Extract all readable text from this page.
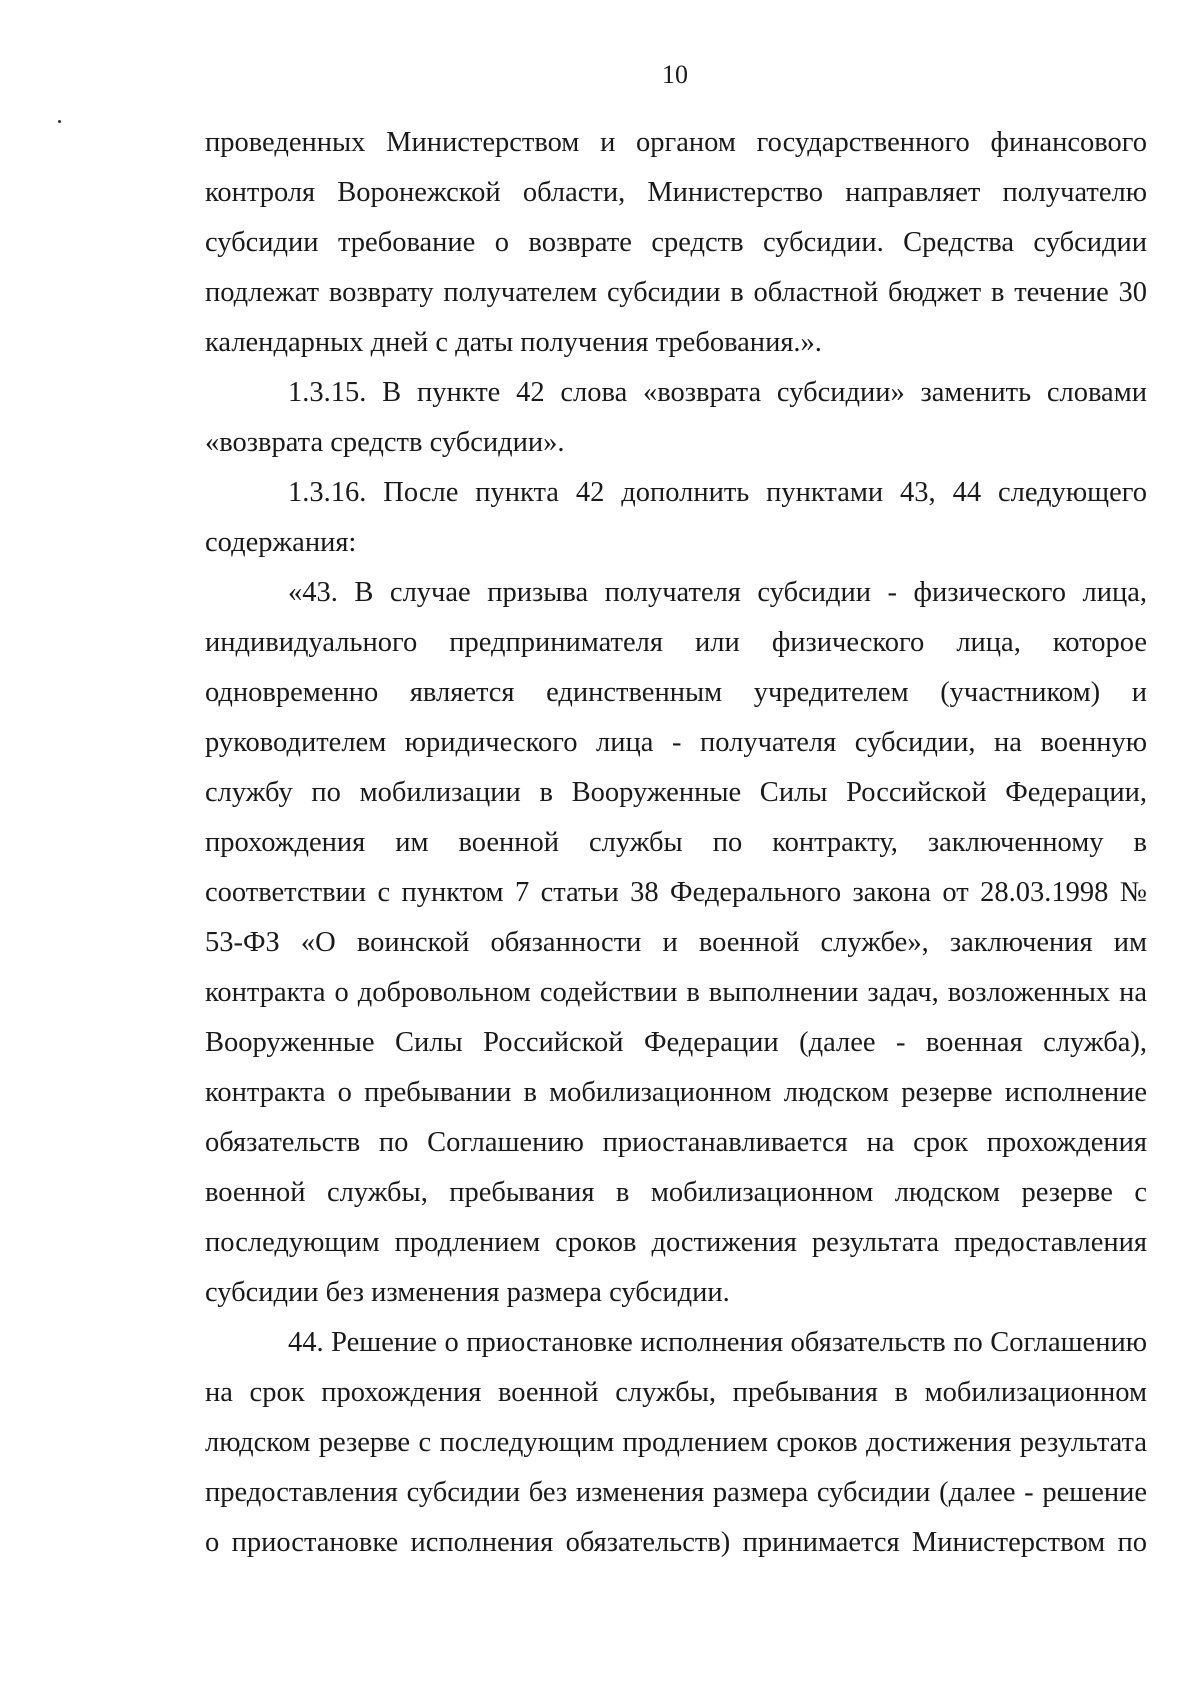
10

проведенных Министерством и органом государственного финансового контроля Воронежской области, Министерство направляет получателю субсидии требование о возврате средств субсидии. Средства субсидии подлежат возврату получателем субсидии в областной бюджет в течение 30 календарных дней с даты получения требования.».

1.3.15. В пункте 42 слова «возврата субсидии» заменить словами «возврата средств субсидии».

1.3.16. После пункта 42 дополнить пунктами 43, 44 следующего содержания:

«43. В случае призыва получателя субсидии - физического лица, индивидуального предпринимателя или физического лица, которое одновременно является единственным учредителем (участником) и руководителем юридического лица - получателя субсидии, на военную службу по мобилизации в Вооруженные Силы Российской Федерации, прохождения им военной службы по контракту, заключенному в соответствии с пунктом 7 статьи 38 Федерального закона от 28.03.1998 № 53-ФЗ «О воинской обязанности и военной службе», заключения им контракта о добровольном содействии в выполнении задач, возложенных на Вооруженные Силы Российской Федерации (далее - военная служба), контракта о пребывании в мобилизационном людском резерве исполнение обязательств по Соглашению приостанавливается на срок прохождения военной службы, пребывания в мобилизационном людском резерве с последующим продлением сроков достижения результата предоставления субсидии без изменения размера субсидии.

44. Решение о приостановке исполнения обязательств по Соглашению на срок прохождения военной службы, пребывания в мобилизационном людском резерве с последующим продлением сроков достижения результата предоставления субсидии без изменения размера субсидии (далее - решение о приостановке исполнения обязательств) принимается Министерством по
